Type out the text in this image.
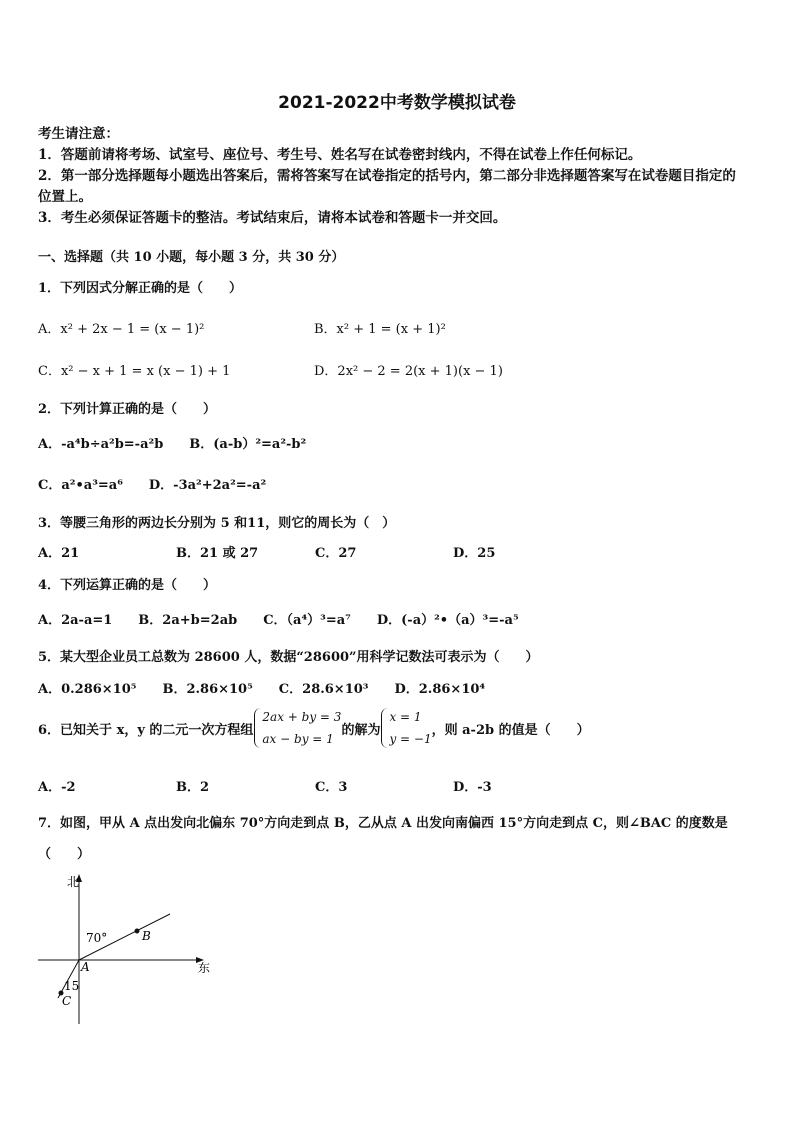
2021-2022中考数学模拟试卷
考生请注意：
1．答题前请将考场、试室号、座位号、考生号、姓名写在试卷密封线内，不得在试卷上作任何标记。
2．第一部分选择题每小题选出答案后，需将答案写在试卷指定的括号内，第二部分非选择题答案写在试卷题目指定的
位置上。
3．考生必须保证答题卡的整洁。考试结束后，请将本试卷和答题卡一并交回。
一、选择题（共 10 小题，每小题 3 分，共 30 分）
1．下列因式分解正确的是（　　）
A．x² + 2x − 1 = (x − 1)²	B．x² + 1 = (x + 1)²
C．x² − x + 1 = x (x − 1) + 1	D．2x² − 2 = 2(x + 1)(x − 1)
2．下列计算正确的是（　　）
A．-a⁴b÷a²b=-a²b　　B．(a-b）²=a²-b²
C．a²•a³=a⁶　　D．-3a²+2a²=-a²
3．等腰三角形的两边长分别为 5 和11，则它的周长为（　）
A．21	B．21 或 27	C．27	D．25
4．下列运算正确的是（　　）
A．2a-a=1　　B．2a+b=2ab　　C．（a⁴）³=a⁷　　D．(-a）²•（a）³=-a⁵
5．某大型企业员工总数为 28600 人，数据“28600”用科学记数法可表示为（　　）
A．0.286×10⁵　　B．2.86×10⁵　　C．28.6×10³　　D．2.86×10⁴
6．已知关于 x，y 的二元一次方程组
2ax + by = 3
ax − by = 1
的解为
x = 1
y = −1
，则 a-2b 的值是（　　）
A．-2	B．2	C．3	D．-3
7．如图，甲从 A 点出发向北偏东 70°方向走到点 B，乙从点 A 出发向南偏西 15°方向走到点 C，则∠BAC 的度数是
（　　）
北
东
70°
15
A
B
C
